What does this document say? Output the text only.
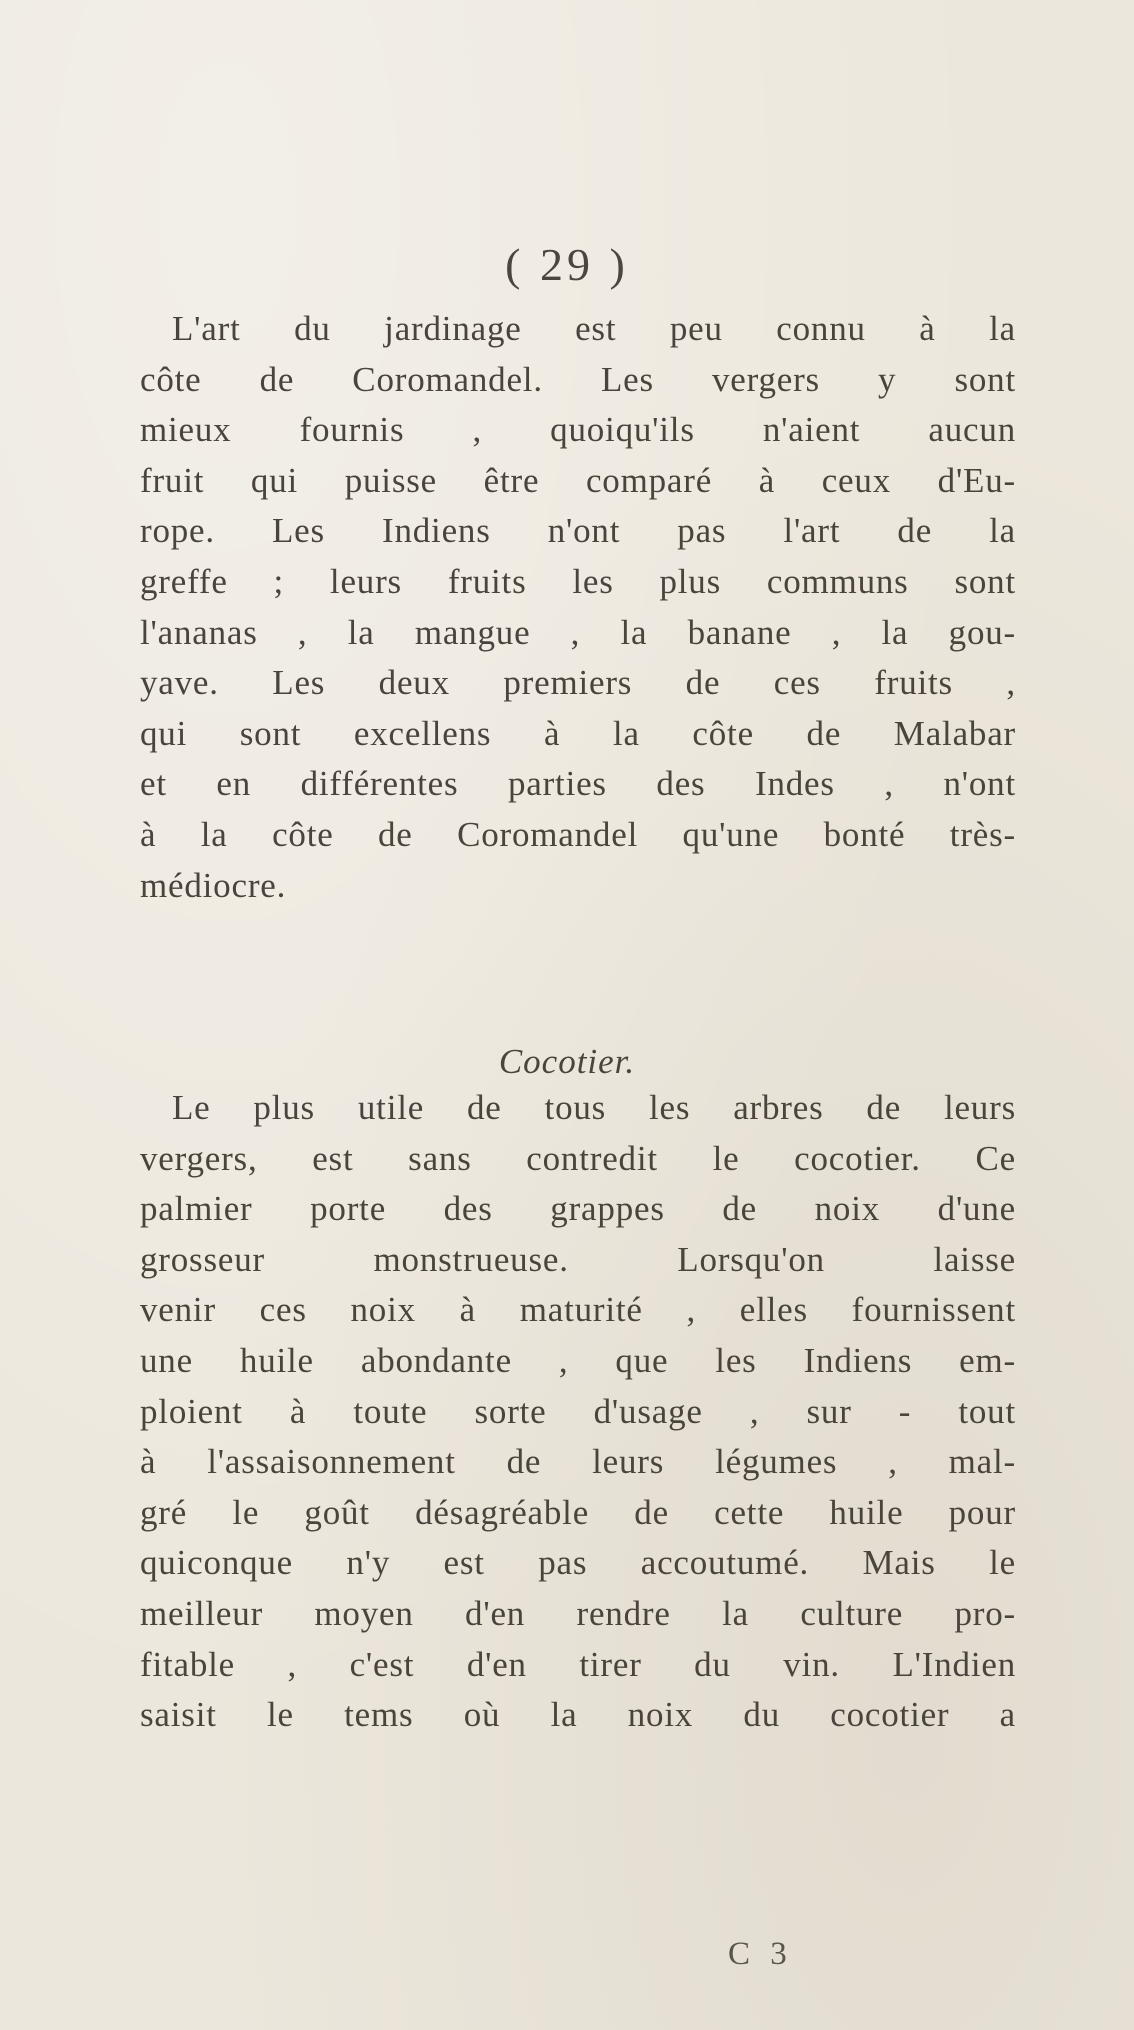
( 29 )
L'art du jardinage est peu connu à la
côte de Coromandel. Les vergers y sont
mieux fournis , quoiqu'ils n'aient aucun
fruit qui puisse être comparé à ceux d'Eu-
rope. Les Indiens n'ont pas l'art de la
greffe ; leurs fruits les plus communs sont
l'ananas , la mangue , la banane , la gou-
yave. Les deux premiers de ces fruits ,
qui sont excellens à la côte de Malabar
et en différentes parties des Indes , n'ont
à la côte de Coromandel qu'une bonté très-
médiocre.
Cocotier.
Le plus utile de tous les arbres de leurs
vergers, est sans contredit le cocotier. Ce
palmier porte des grappes de noix d'une
grosseur monstrueuse. Lorsqu'on laisse
venir ces noix à maturité , elles fournissent
une huile abondante , que les Indiens em-
ploient à toute sorte d'usage , sur - tout
à l'assaisonnement de leurs légumes , mal-
gré le goût désagréable de cette huile pour
quiconque n'y est pas accoutumé. Mais le
meilleur moyen d'en rendre la culture pro-
fitable , c'est d'en tirer du vin. L'Indien
saisit le tems où la noix du cocotier a
C 3
